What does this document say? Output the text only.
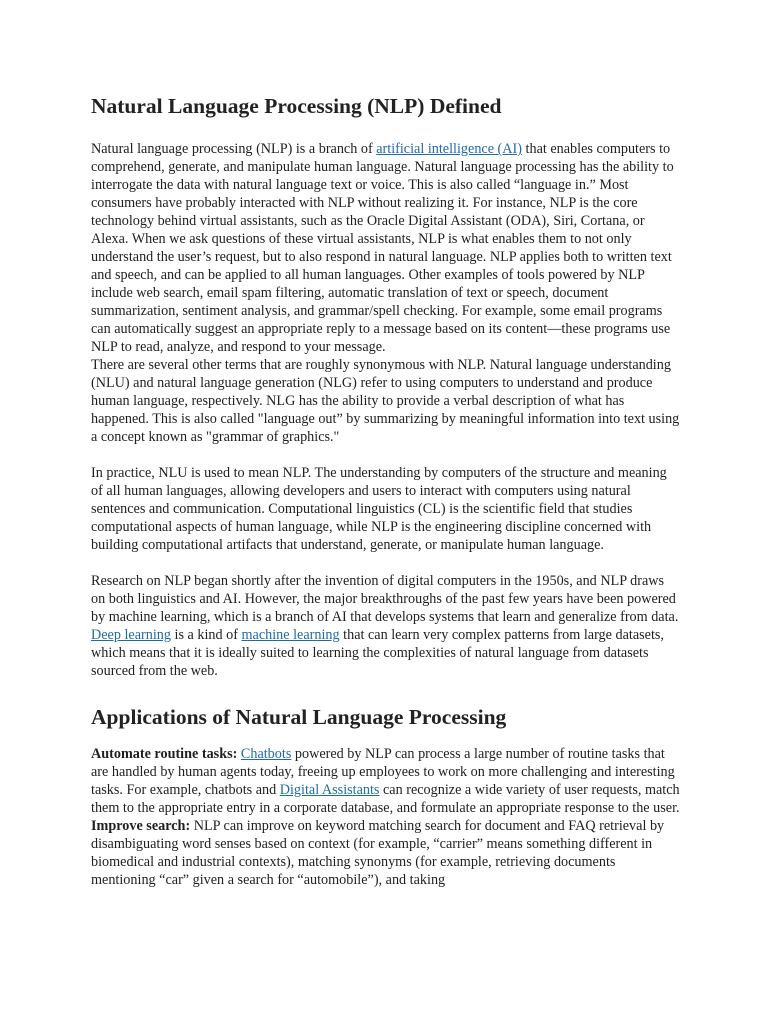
Natural Language Processing (NLP) Defined

Natural language processing (NLP) is a branch of artificial intelligence (AI) that enables computers to comprehend, generate, and manipulate human language. Natural language processing has the ability to interrogate the data with natural language text or voice. This is also called “language in.” Most consumers have probably interacted with NLP without realizing it. For instance, NLP is the core technology behind virtual assistants, such as the Oracle Digital Assistant (ODA), Siri, Cortana, or Alexa. When we ask questions of these virtual assistants, NLP is what enables them to not only understand the user’s request, but to also respond in natural language. NLP applies both to written text and speech, and can be applied to all human languages. Other examples of tools powered by NLP include web search, email spam filtering, automatic translation of text or speech, document summarization, sentiment analysis, and grammar/spell checking. For example, some email programs can automatically suggest an appropriate reply to a message based on its content—these programs use NLP to read, analyze, and respond to your message.

There are several other terms that are roughly synonymous with NLP. Natural language understanding (NLU) and natural language generation (NLG) refer to using computers to understand and produce human language, respectively. NLG has the ability to provide a verbal description of what has happened. This is also called "language out” by summarizing by meaningful information into text using a concept known as "grammar of graphics."

In practice, NLU is used to mean NLP. The understanding by computers of the structure and meaning of all human languages, allowing developers and users to interact with computers using natural sentences and communication. Computational linguistics (CL) is the scientific field that studies computational aspects of human language, while NLP is the engineering discipline concerned with building computational artifacts that understand, generate, or manipulate human language.

Research on NLP began shortly after the invention of digital computers in the 1950s, and NLP draws on both linguistics and AI. However, the major breakthroughs of the past few years have been powered by machine learning, which is a branch of AI that develops systems that learn and generalize from data. Deep learning is a kind of machine learning that can learn very complex patterns from large datasets, which means that it is ideally suited to learning the complexities of natural language from datasets sourced from the web.

Applications of Natural Language Processing

Automate routine tasks: Chatbots powered by NLP can process a large number of routine tasks that are handled by human agents today, freeing up employees to work on more challenging and interesting tasks. For example, chatbots and Digital Assistants can recognize a wide variety of user requests, match them to the appropriate entry in a corporate database, and formulate an appropriate response to the user.

Improve search: NLP can improve on keyword matching search for document and FAQ retrieval by disambiguating word senses based on context (for example, “carrier” means something different in biomedical and industrial contexts), matching synonyms (for example, retrieving documents mentioning “car” given a search for “automobile”), and taking
